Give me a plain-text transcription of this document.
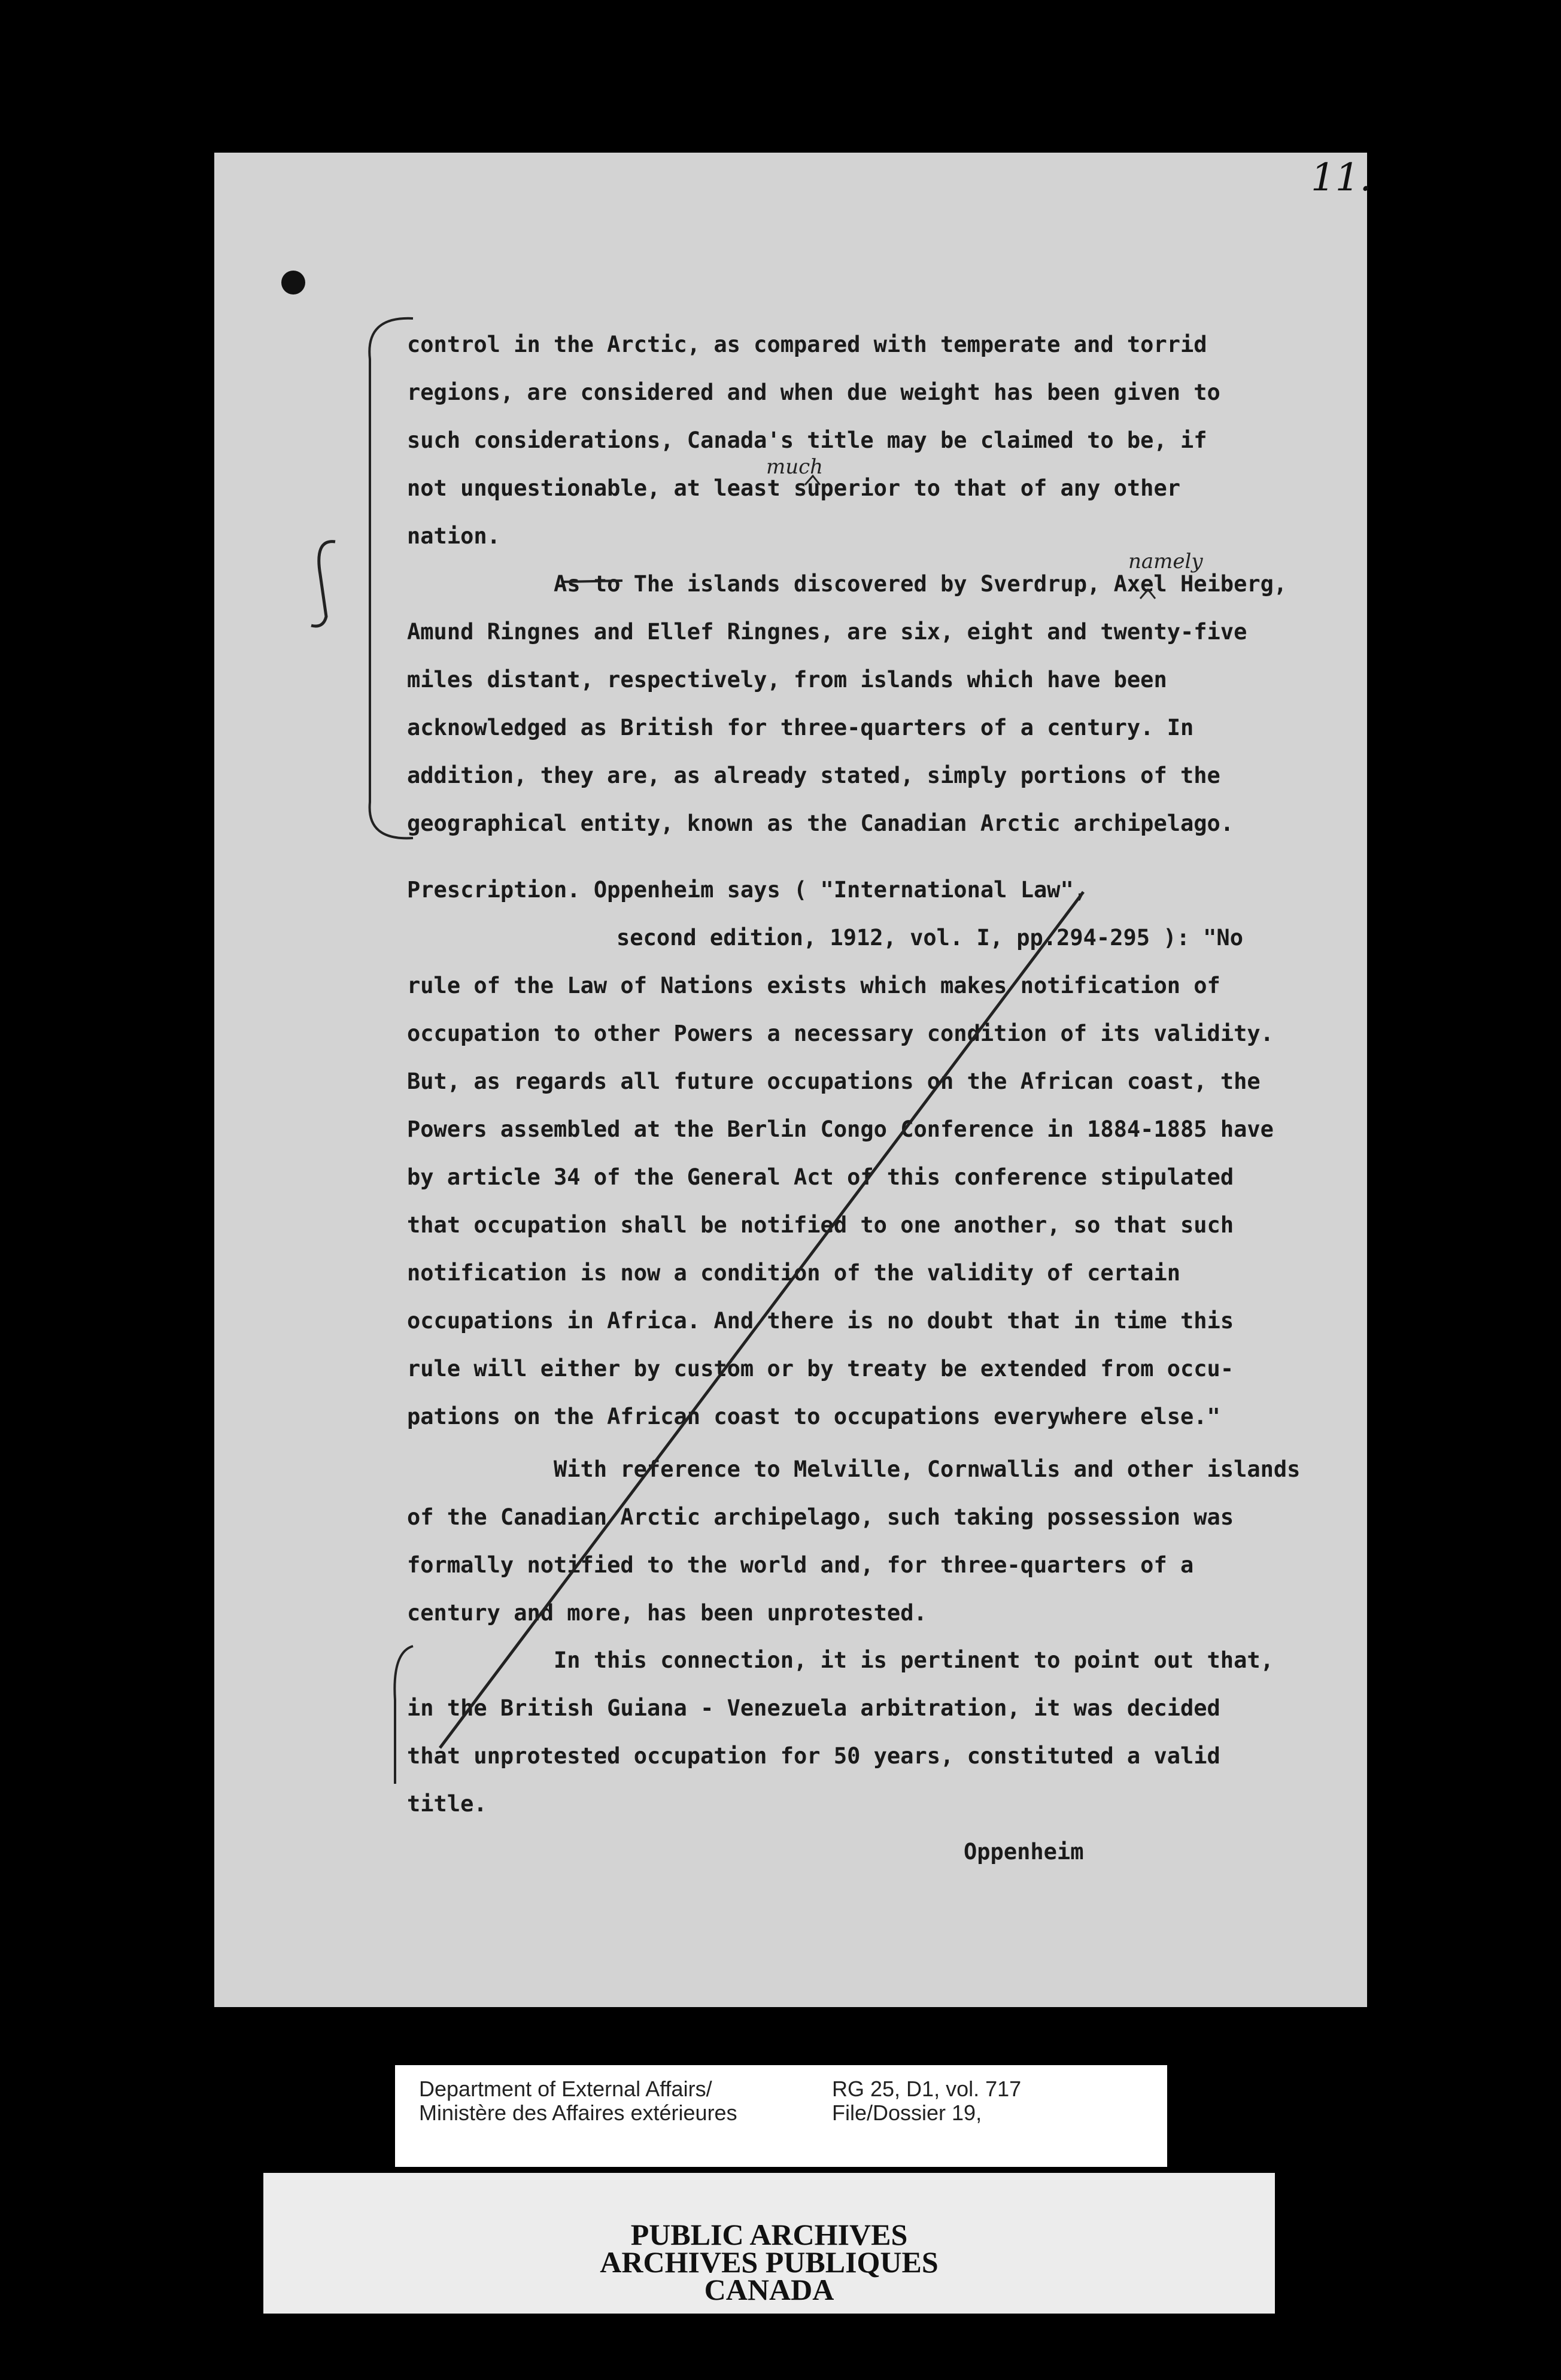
11.
control in the Arctic, as compared with temperate and torrid
regions, are considered and when due weight has been given to
such considerations, Canada's title may be claimed to be, if
not unquestionable, at least superior to that of any other
nation.
As to The islands discovered by Sverdrup, Axel Heiberg,
Amund Ringnes and Ellef Ringnes, are six, eight and twenty-five
miles distant, respectively, from islands which have been
acknowledged as British for three-quarters of a century. In
addition, they are, as already stated, simply portions of the
geographical entity, known as the Canadian Arctic archipelago.
Prescription. Oppenheim says ( "International Law",
second edition, 1912, vol. I, pp.294-295 ): "No
rule of the Law of Nations exists which makes notification of
occupation to other Powers a necessary condition of its validity.
But, as regards all future occupations on the African coast, the
Powers assembled at the Berlin Congo Conference in 1884-1885 have
by article 34 of the General Act of this conference stipulated
that occupation shall be notified to one another, so that such
notification is now a condition of the validity of certain
occupations in Africa. And there is no doubt that in time this
rule will either by custom or by treaty be extended from occu-
pations on the African coast to occupations everywhere else."
With reference to Melville, Cornwallis and other islands
of the Canadian Arctic archipelago, such taking possession was
formally notified to the world and, for three-quarters of a
century and more, has been unprotested.
In this connection, it is pertinent to point out that,
in the British Guiana - Venezuela arbitration, it was decided
that unprotested occupation for 50 years, constituted a valid
title.
Oppenheim
much
namely
Department of External Affairs/
Ministère des Affaires extérieures
RG 25, D1, vol. 717
File/Dossier 19,
PUBLIC ARCHIVES
ARCHIVES PUBLIQUES
CANADA
